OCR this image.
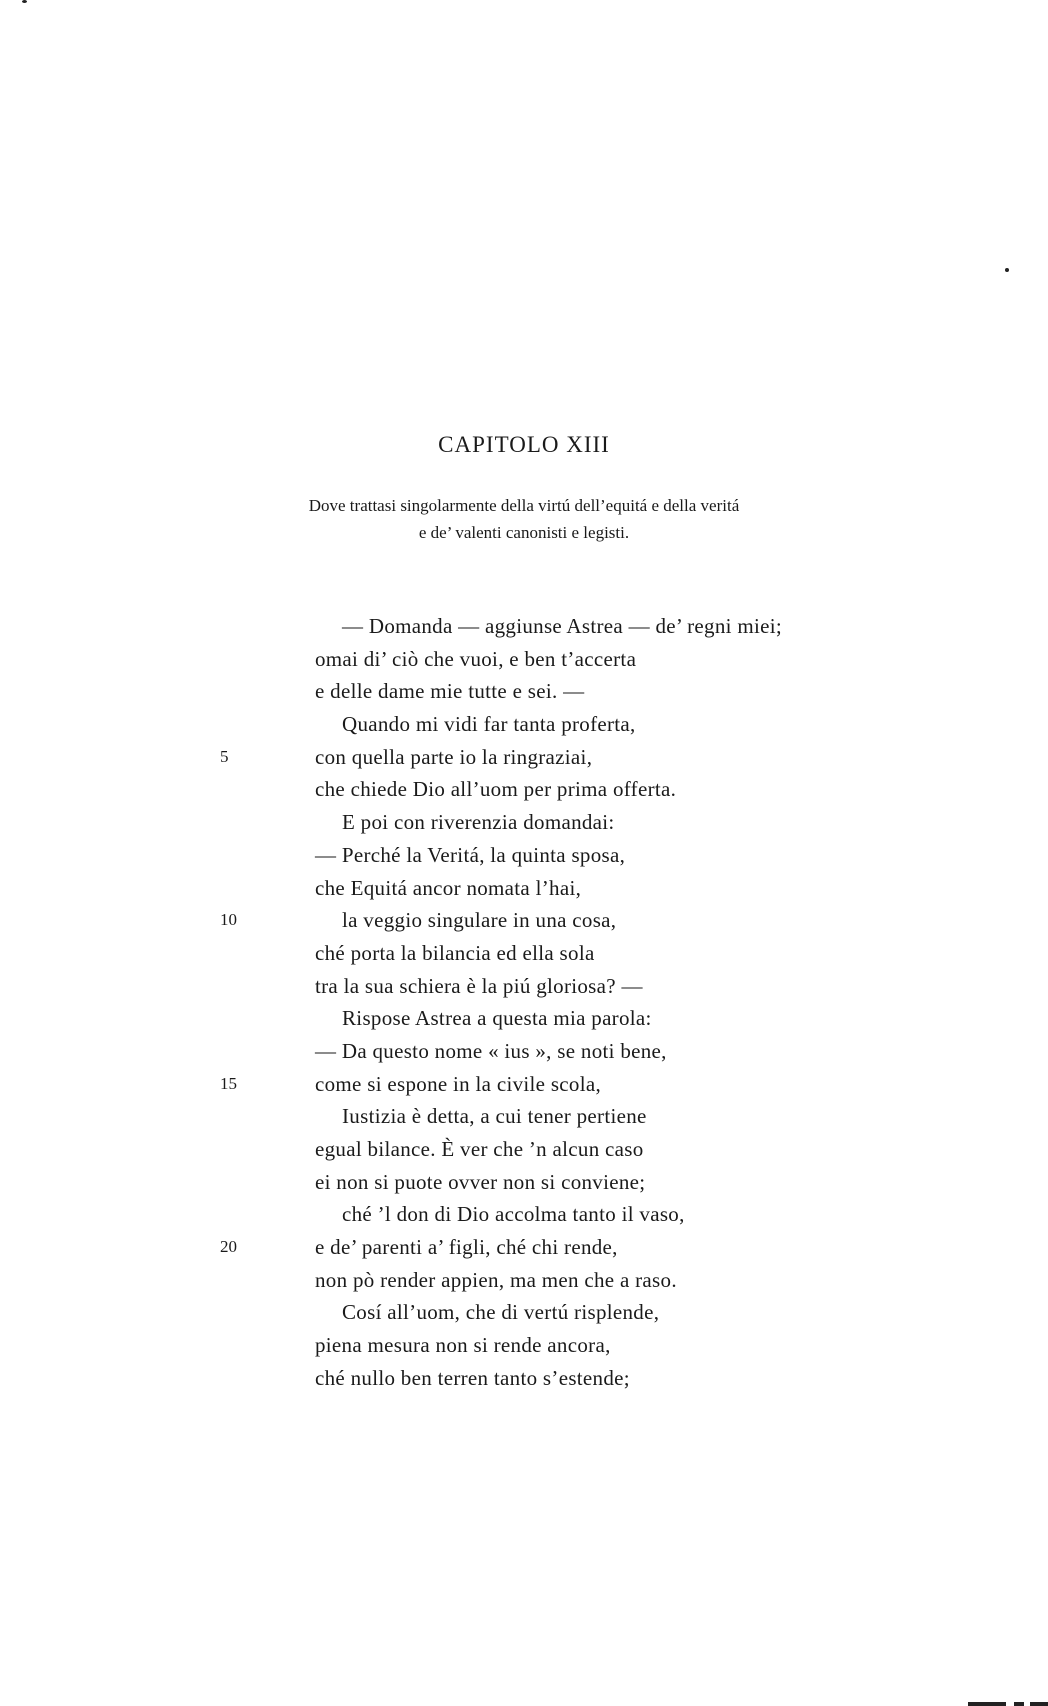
CAPITOLO XIII
Dove trattasi singolarmente della virtú dell’equitá e della veritá
e de’ valenti canonisti e legisti.
— Domanda — aggiunse Astrea — de’ regni miei;
omai di’ ciò che vuoi, e ben t’accerta
e delle dame mie tutte e sei. —
Quando mi vidi far tanta proferta,
5	con quella parte io la ringraziai,
che chiede Dio all’uom per prima offerta.
E poi con riverenzia domandai:
— Perché la Veritá, la quinta sposa,
che Equitá ancor nomata l’hai,
10	la veggio singulare in una cosa,
ché porta la bilancia ed ella sola
tra la sua schiera è la piú gloriosa? —
Rispose Astrea a questa mia parola:
— Da questo nome « ius », se noti bene,
15	come si espone in la civile scola,
Iustizia è detta, a cui tener pertiene
egual bilance. È ver che ’n alcun caso
ei non si puote ovver non si conviene;
ché ’l don di Dio accolma tanto il vaso,
20	e de’ parenti a’ figli, ché chi rende,
non pò render appien, ma men che a raso.
Cosí all’uom, che di vertú risplende,
piena mesura non si rende ancora,
ché nullo ben terren tanto s’estende;
